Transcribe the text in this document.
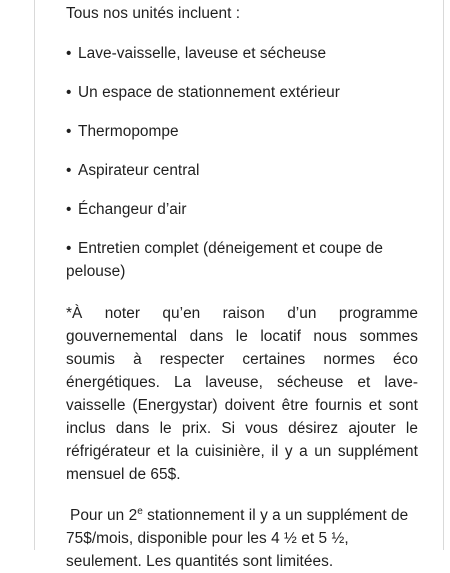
Tous nos unités incluent :

• Lave-vaisselle, laveuse et sécheuse
• Un espace de stationnement extérieur
• Thermopompe
• Aspirateur central
• Échangeur d’air
• Entretien complet (déneigement et coupe de pelouse)

*À noter qu’en raison d’un programme gouvernemental dans le locatif nous sommes soumis à respecter certaines normes éco énergétiques. La laveuse, sécheuse et lave-vaisselle (Energystar) doivent être fournis et sont inclus dans le prix. Si vous désirez ajouter le réfrigérateur et la cuisinière, il y a un supplément mensuel de 65$.

Pour un 2e stationnement il y a un supplément de 75$/mois, disponible pour les 4 ½ et 5 ½, seulement. Les quantités sont limitées.
